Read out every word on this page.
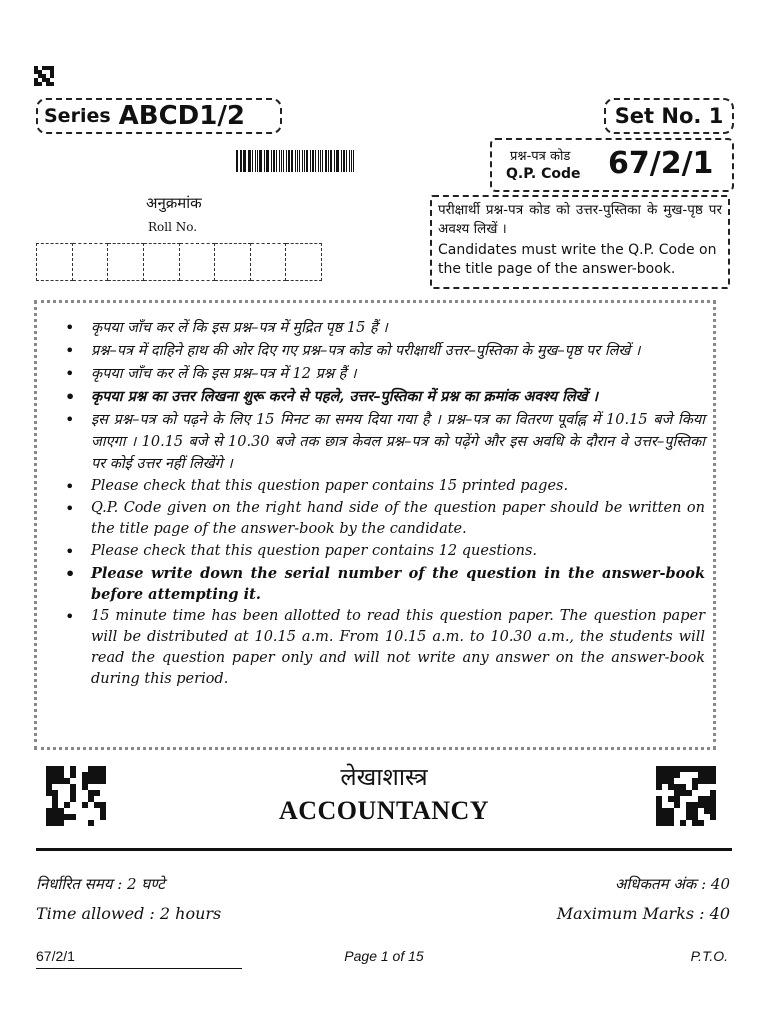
Series ABCD1/2	Set No. 1
प्रश्न-पत्र कोड
Q.P. Code 67/2/1
अनुक्रमांक
Roll No.
परीक्षार्थी प्रश्न-पत्र कोड को उत्तर-पुस्तिका के मुख-पृष्ठ पर अवश्य लिखें ।
Candidates must write the Q.P. Code on the title page of the answer-book.
• कृपया जाँच कर लें कि इस प्रश्न–पत्र में मुद्रित पृष्ठ 15 हैं ।
• प्रश्न–पत्र में दाहिने हाथ की ओर दिए गए प्रश्न–पत्र कोड को परीक्षार्थी उत्तर–पुस्तिका के मुख–पृष्ठ पर लिखें ।
• कृपया जाँच कर लें कि इस प्रश्न–पत्र में 12 प्रश्न हैं ।
• कृपया प्रश्न का उत्तर लिखना शुरू करने से पहले, उत्तर–पुस्तिका में प्रश्न का क्रमांक अवश्य लिखें ।
• इस प्रश्न–पत्र को पढ़ने के लिए 15 मिनट का समय दिया गया है । प्रश्न–पत्र का वितरण पूर्वाह्न में 10.15 बजे किया जाएगा । 10.15 बजे से 10.30 बजे तक छात्र केवल प्रश्न–पत्र को पढ़ेंगे और इस अवधि के दौरान वे उत्तर–पुस्तिका पर कोई उत्तर नहीं लिखेंगे ।
• Please check that this question paper contains 15 printed pages.
• Q.P. Code given on the right hand side of the question paper should be written on the title page of the answer-book by the candidate.
• Please check that this question paper contains 12 questions.
• Please write down the serial number of the question in the answer-book before attempting it.
• 15 minute time has been allotted to read this question paper. The question paper will be distributed at 10.15 a.m. From 10.15 a.m. to 10.30 a.m., the students will read the question paper only and will not write any answer on the answer-book during this period.
लेखाशास्त्र
ACCOUNTANCY
निर्धारित समय : 2 घण्टे
Time allowed : 2 hours
अधिकतम अंक : 40
Maximum Marks : 40
67/2/1	Page 1 of 15	P.T.O.
